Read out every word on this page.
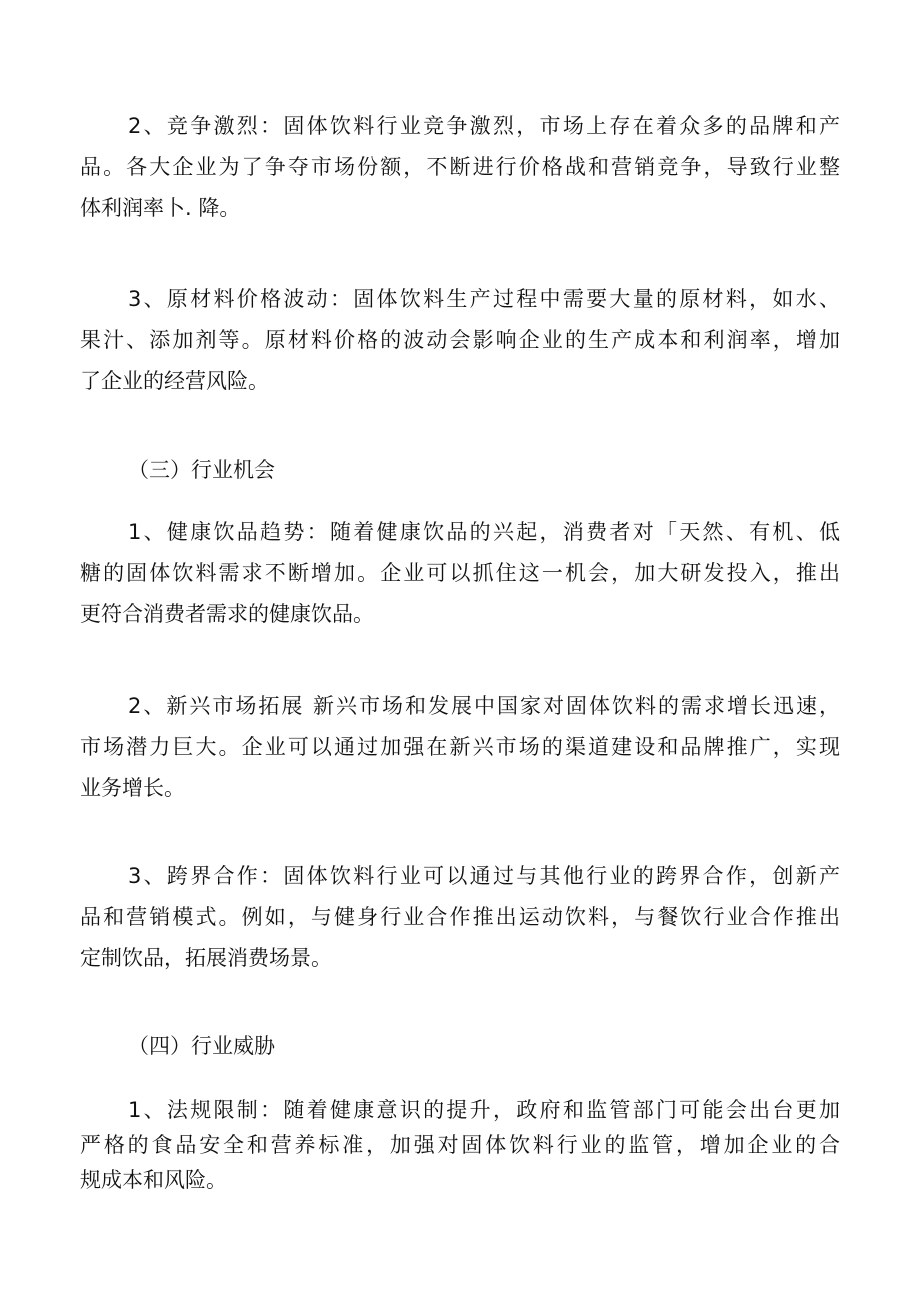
2、竞争激烈：固体饮料行业竞争激烈，市场上存在着众多的品牌和产
品。各大企业为了争夺市场份额，不断进行价格战和营销竞争，导致行业整
体利润率卜. 降。
3、原材料价格波动：固体饮料生产过程中需要大量的原材料，如水、
果汁、添加剂等。原材料价格的波动会影响企业的生产成本和利润率，增加
了企业的经营风险。
（三）行业机会
1、健康饮品趋势：随着健康饮品的兴起，消费者对「天然、有机、低
糖的固体饮料需求不断增加。企业可以抓住这一机会，加大研发投入，推出
更符合消费者需求的健康饮品。
2、新兴市场拓展 新兴市场和发展中国家对固体饮料的需求增长迅速，
市场潜力巨大。企业可以通过加强在新兴市场的渠道建设和品牌推广，实现
业务增长。
3、跨界合作：固体饮料行业可以通过与其他行业的跨界合作，创新产
品和营销模式。例如，与健身行业合作推出运动饮料，与餐饮行业合作推出
定制饮品，拓展消费场景。
（四）行业威胁
1、法规限制：随着健康意识的提升，政府和监管部门可能会出台更加
严格的食品安全和营养标准，加强对固体饮料行业的监管，增加企业的合
规成本和风险。
